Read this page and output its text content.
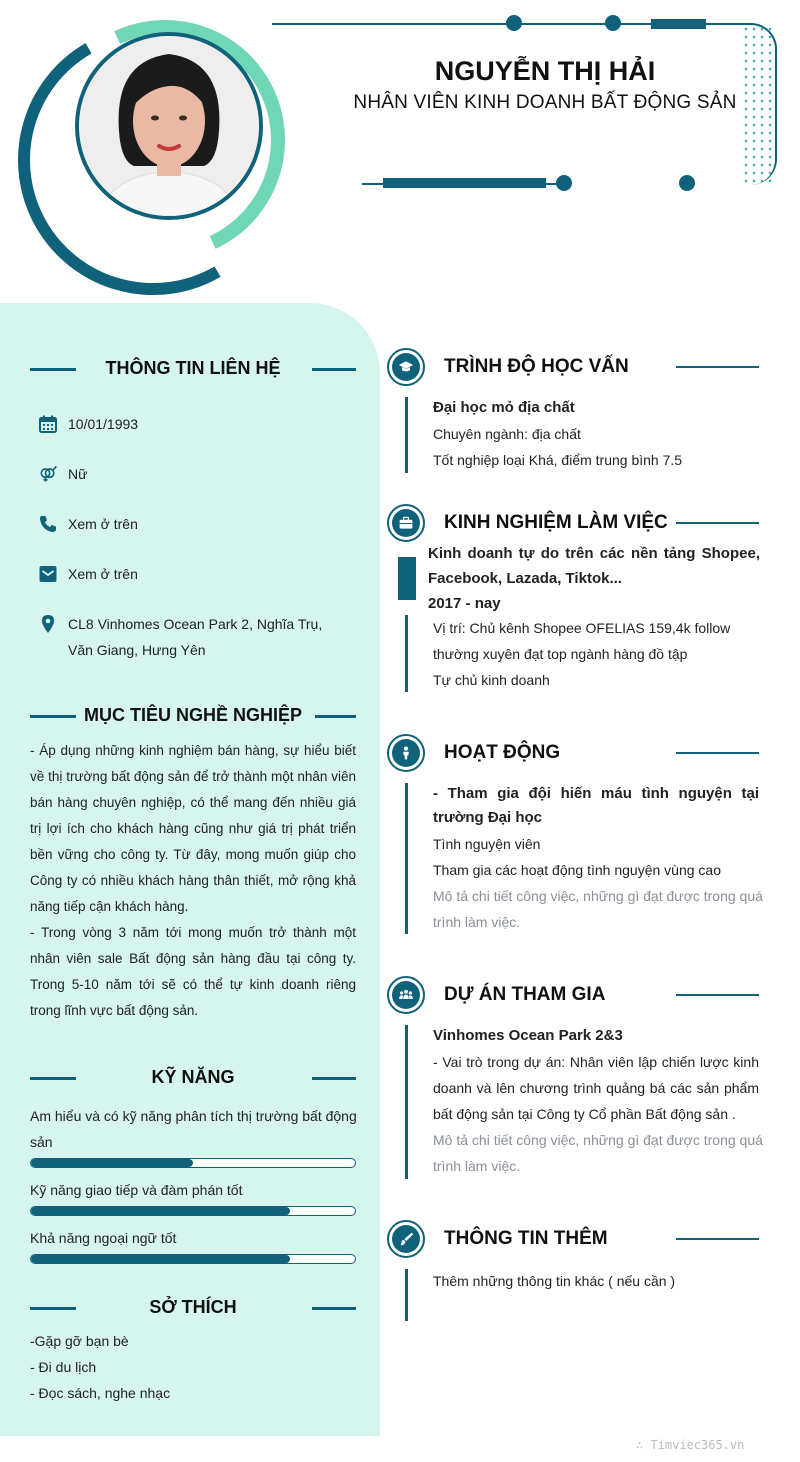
NGUYỄN THỊ HẢI
NHÂN VIÊN KINH DOANH BẤT ĐỘNG SẢN
THÔNG TIN LIÊN HỆ
10/01/1993
Nữ
Xem ở trên
Xem ở trên
CL8 Vinhomes Ocean Park 2, Nghĩa Trụ,
Văn Giang, Hưng Yên
MỤC TIÊU NGHỀ NGHIỆP
- Áp dụng những kinh nghiệm bán hàng, sự hiểu biết về thị trường bất động sản để trở thành một nhân viên bán hàng chuyên nghiệp, có thể mang đến nhiều giá trị lợi ích cho khách hàng cũng như giá trị phát triển bền vững cho công ty. Từ đây, mong muốn giúp cho Công ty có nhiều khách hàng thân thiết, mở rộng khả năng tiếp cận khách hàng.
- Trong vòng 3 năm tới mong muốn trở thành một nhân viên sale Bất động sản hàng đầu tại công ty. Trong 5-10 năm tới sẽ có thể tự kinh doanh riêng trong lĩnh vực bất động sản.
KỸ NĂNG
Am hiểu và có kỹ năng phân tích thị trường bất động sản
Kỹ năng giao tiếp và đàm phán tốt
Khả năng ngoại ngữ tốt
SỞ THÍCH
-Gặp gỡ bạn bè
- Đi du lịch
- Đọc sách, nghe nhạc
TRÌNH ĐỘ HỌC VẤN
Đại học mỏ địa chất
Chuyên ngành: địa chất
Tốt nghiệp loại Khá, điểm trung bình 7.5
KINH NGHIỆM LÀM VIỆC
Kinh doanh tự do trên các nền tảng Shopee, Facebook, Lazada, Tiktok...
2017 - nay
Vị trí: Chủ kênh Shopee OFELIAS 159,4k follow
thường xuyên đạt top ngành hàng đồ tập
Tự chủ kinh doanh
HOẠT ĐỘNG
- Tham gia đội hiến máu tình nguyện tại trường Đại học
Tình nguyện viên
Tham gia các hoạt động tình nguyện vùng cao
Mô tả chi tiết công việc, những gì đạt được trong quá trình làm việc.
DỰ ÁN THAM GIA
Vinhomes Ocean Park 2&3
- Vai trò trong dự án: Nhân viên lập chiến lược kinh doanh và lên chương trình quảng bá các sản phẩm bất động sản tại Công ty Cổ phần Bất động sản .
Mô tả chi tiết công việc, những gì đạt được trong quá trình làm việc.
THÔNG TIN THÊM
Thêm những thông tin khác ( nếu cần )
∴ Timviec365.vn
